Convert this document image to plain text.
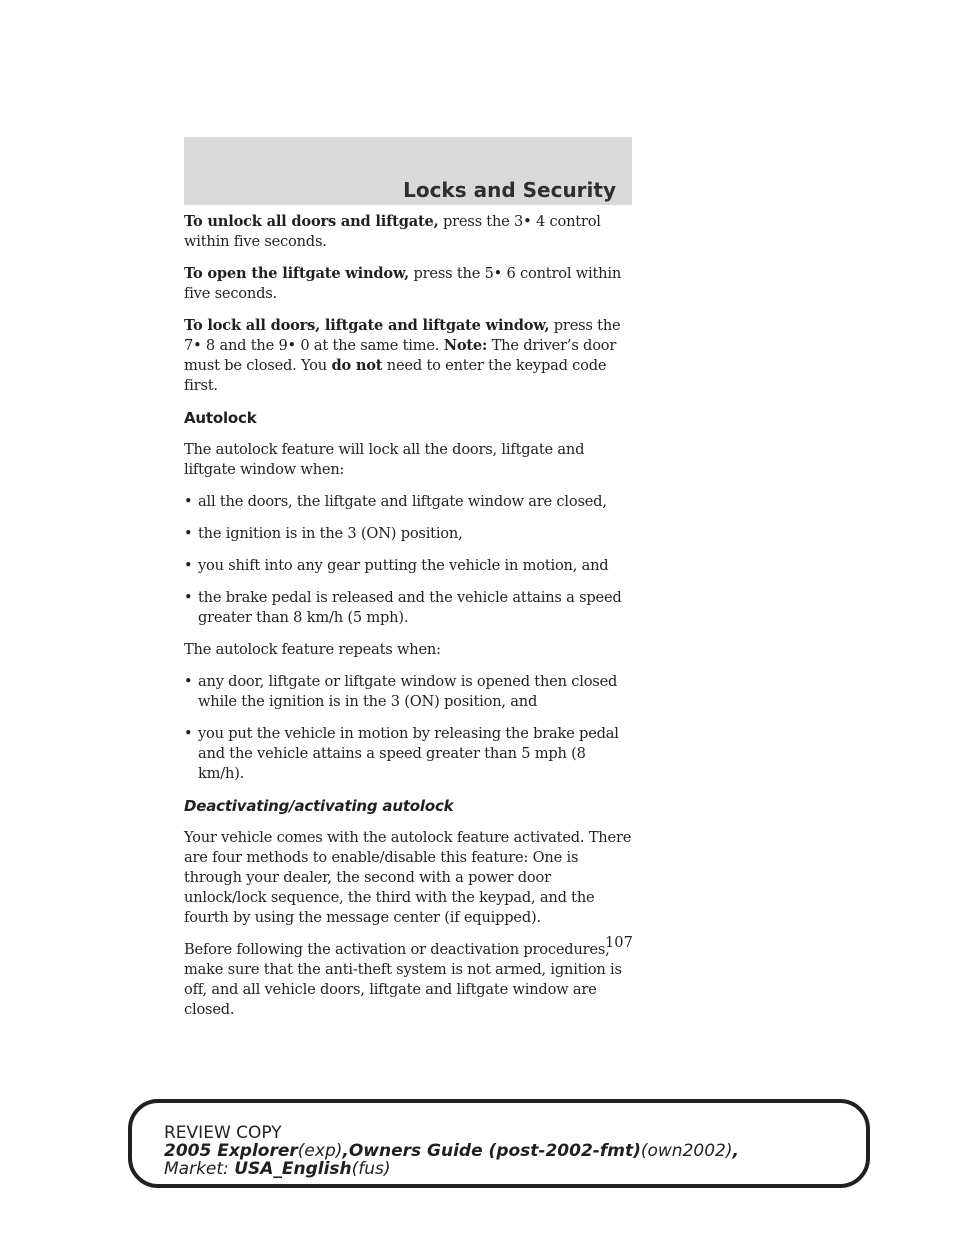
Locks and Security

To unlock all doors and liftgate, press the 3• 4 control within five seconds.

To open the liftgate window, press the 5• 6 control within five seconds.

To lock all doors, liftgate and liftgate window, press the 7• 8 and the 9• 0 at the same time. Note: The driver’s door must be closed. You do not need to enter the keypad code first.

Autolock

The autolock feature will lock all the doors, liftgate and liftgate window when:

• all the doors, the liftgate and liftgate window are closed,
• the ignition is in the 3 (ON) position,
• you shift into any gear putting the vehicle in motion, and
• the brake pedal is released and the vehicle attains a speed greater than 8 km/h (5 mph).

The autolock feature repeats when:

• any door, liftgate or liftgate window is opened then closed while the ignition is in the 3 (ON) position, and
• you put the vehicle in motion by releasing the brake pedal and the vehicle attains a speed greater than 5 mph (8 km/h).
Deactivating/activating autolock

Your vehicle comes with the autolock feature activated. There are four methods to enable/disable this feature: One is through your dealer, the second with a power door unlock/lock sequence, the third with the keypad, and the fourth by using the message center (if equipped).

Before following the activation or deactivation procedures, make sure that the anti-theft system is not armed, ignition is off, and all vehicle doors, liftgate and liftgate window are closed.

107
REVIEW COPY
2005 Explorer(exp),Owners Guide (post-2002-fmt)(own2002),
Market: USA_English(fus)
